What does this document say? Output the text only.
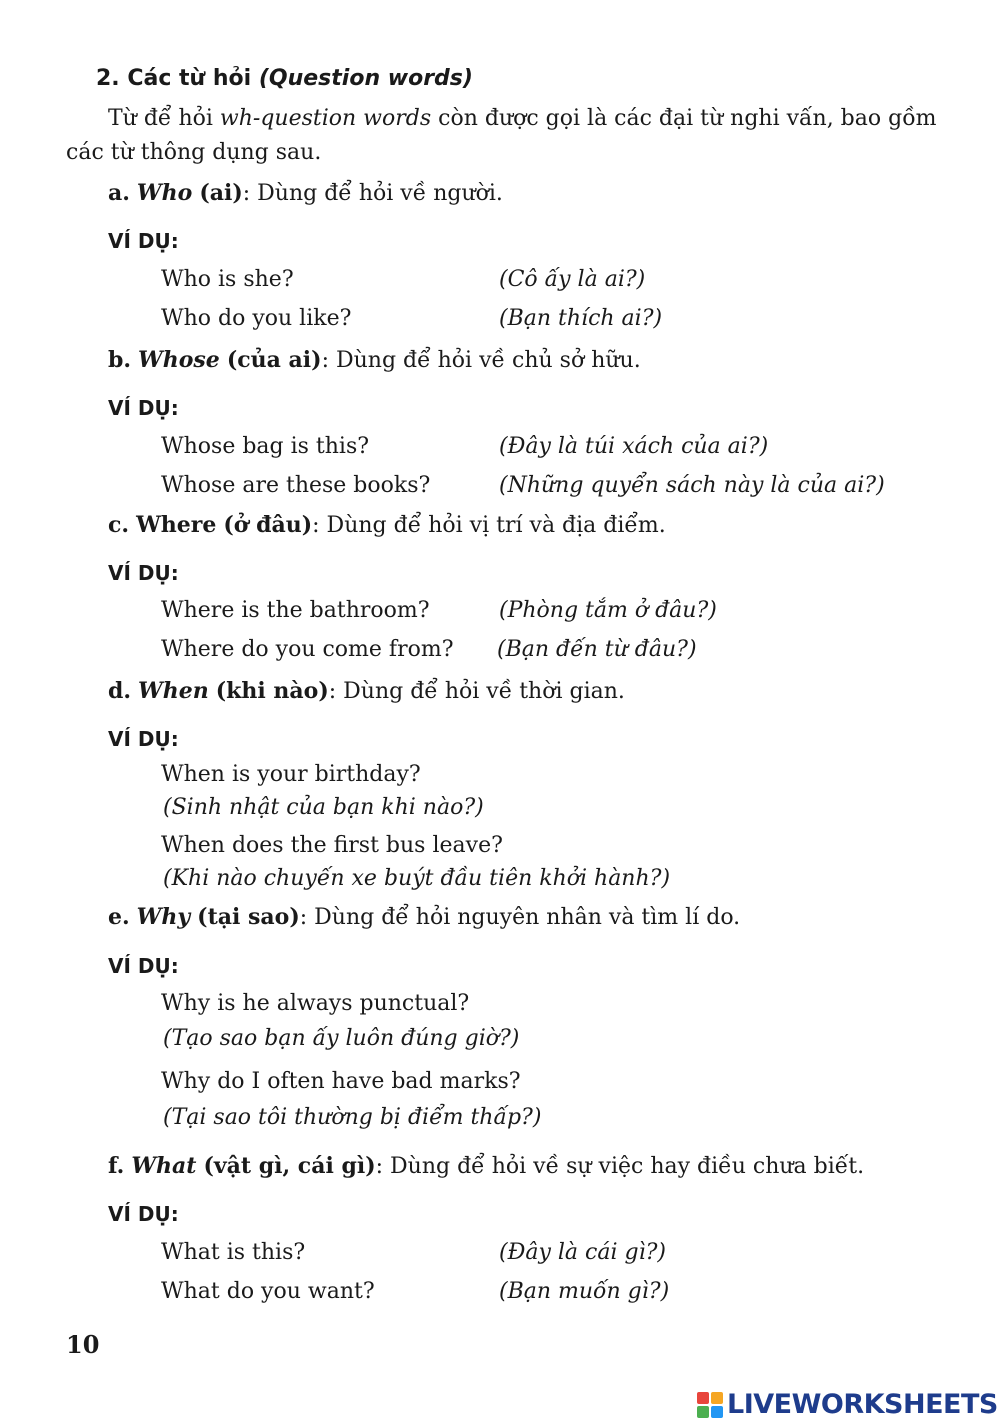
2. Các từ hỏi (Question words)
Từ để hỏi wh-question words còn được gọi là các đại từ nghi vấn, bao gồm
các từ thông dụng sau.
a. Who (ai): Dùng để hỏi về người.
VÍ DỤ:
Who is she?	(Cô ấy là ai?)
Who do you like?	(Bạn thích ai?)
b. Whose (của ai): Dùng để hỏi về chủ sở hữu.
VÍ DỤ:
Whose bag is this?	(Đây là túi xách của ai?)
Whose are these books?	(Những quyển sách này là của ai?)
c. Where (ở đâu): Dùng để hỏi vị trí và địa điểm.
VÍ DỤ:
Where is the bathroom?	(Phòng tắm ở đâu?)
Where do you come from? (Bạn đến từ đâu?)
d. When (khi nào): Dùng để hỏi về thời gian.
VÍ DỤ:
When is your birthday?
(Sinh nhật của bạn khi nào?)
When does the first bus leave?
(Khi nào chuyến xe buýt đầu tiên khởi hành?)
e. Why (tại sao): Dùng để hỏi nguyên nhân và tìm lí do.
VÍ DỤ:
Why is he always punctual?
(Tạo sao bạn ấy luôn đúng giờ?)
Why do I often have bad marks?
(Tại sao tôi thường bị điểm thấp?)
f. What (vật gì, cái gì): Dùng để hỏi về sự việc hay điều chưa biết.
VÍ DỤ:
What is this?	(Đây là cái gì?)
What do you want?	(Bạn muốn gì?)
10
LIVEWORKSHEETS
